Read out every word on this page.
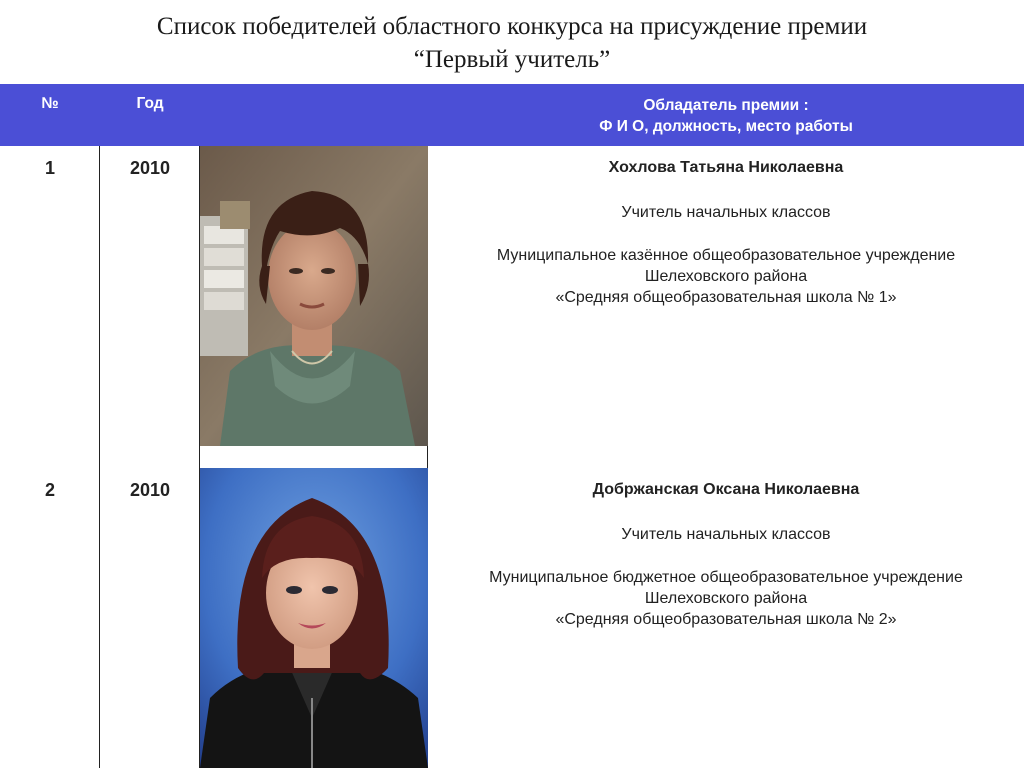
Список победителей областного конкурса на присуждение премии
“Первый учитель”
№	Год	Обладатель премии :
Ф И О, должность, место работы
1	2010	Хохлова Татьяна Николаевна
Учитель начальных классов
Муниципальное казённое общеобразовательное учреждение
Шелеховского района
«Средняя общеобразовательная школа № 1»
2	2010	Добржанская Оксана Николаевна
Учитель начальных классов
Муниципальное бюджетное общеобразовательное учреждение
Шелеховского района
«Средняя общеобразовательная школа № 2»
